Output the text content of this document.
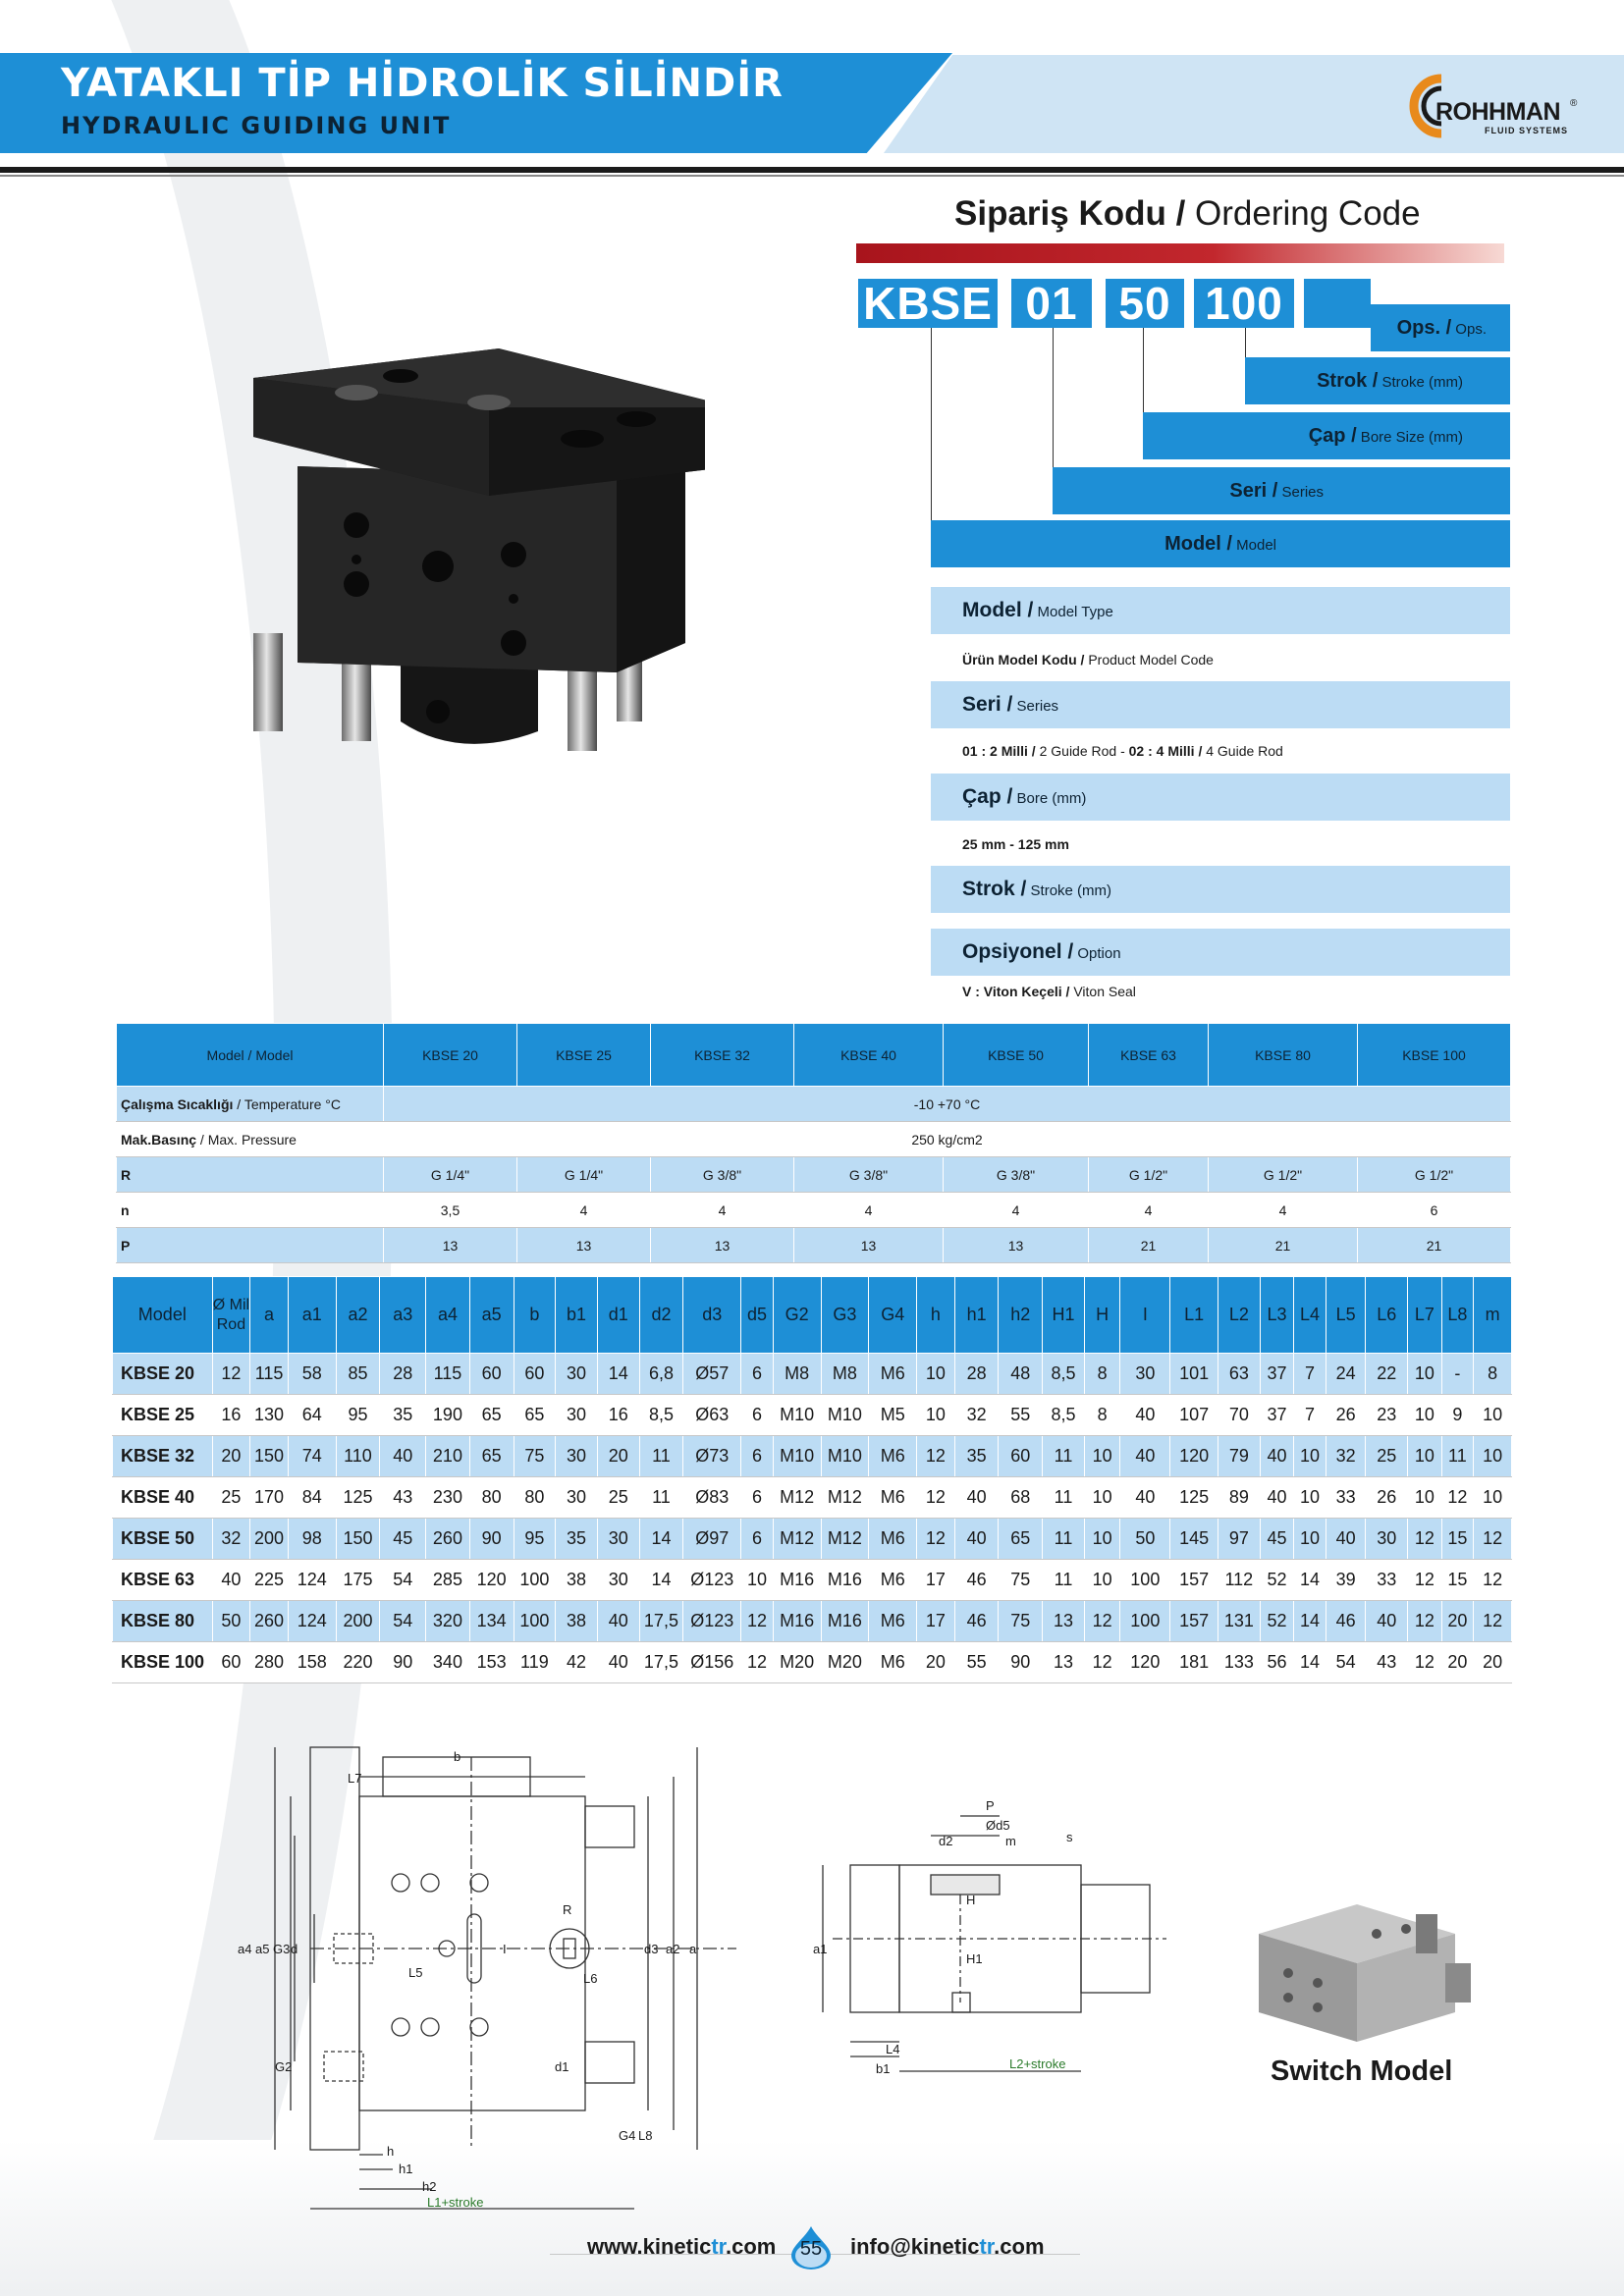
YATAKLI TİP HİDROLİK SİLİNDİR
HYDRAULIC GUIDING UNIT	ROHHMAN ®
FLUID SYSTEMS
Sipariş Kodu / Ordering Code
KBSE 01 50 100	Ops. / Ops.
Strok / Stroke (mm)
Çap / Bore Size (mm)
Seri / Series
Model / Model
Model / Model Type
Ürün Model Kodu / Product Model Code
Seri / Series
01 : 2 Milli / 2 Guide Rod - 02 : 4 Milli / 4 Guide Rod
Çap / Bore (mm)
25 mm - 125 mm
Strok / Stroke (mm)
Opsiyonel / Option
V : Viton Keçeli / Viton Seal
Model / Model	KBSE 20	KBSE 25	KBSE 32	KBSE 40	KBSE 50	KBSE 63	KBSE 80	KBSE 100
Çalışma Sıcaklığı / Temperature °C	-10 +70 °C							
Mak.Basınç / Max. Pressure	250 kg/cm2							
R	G 1/4"	G 1/4"	G 3/8"	G 3/8"	G 3/8"	G 1/2"	G 1/2"	G 1/2"
n	3,5	4	4	4	4	4	4	6
P	13	13	13	13	13	21	21	21
Model	Ø Mil Rod	a	a1	a2	a3	a4	a5	b	b1	d1	d2	d3	d5	G2	G3	G4	h	h1	h2	H1	H	I	L1	L2	L3	L4	L5	L6	L7	L8	m
KBSE 20	12	115	58	85	28	115	60	60	30	14	6,8	Ø57	6	M8	M8	M6	10	28	48	8,5	8	30	101	63	37	7	24	22	10	-	8
KBSE 25	16	130	64	95	35	190	65	65	30	16	8,5	Ø63	6	M10	M10	M5	10	32	55	8,5	8	40	107	70	37	7	26	23	10	9	10
KBSE 32	20	150	74	110	40	210	65	75	30	20	11	Ø73	6	M10	M10	M6	12	35	60	11	10	40	120	79	40	10	32	25	10	11	10
KBSE 40	25	170	84	125	43	230	80	80	30	25	11	Ø83	6	M12	M12	M6	12	40	68	11	10	40	125	89	40	10	33	26	10	12	10
KBSE 50	32	200	98	150	45	260	90	95	35	30	14	Ø97	6	M12	M12	M6	12	40	65	11	10	50	145	97	45	10	40	30	12	15	12
KBSE 63	40	225	124	175	54	285	120	100	38	30	14	Ø123	10	M16	M16	M6	17	46	75	11	10	100	157	112	52	14	39	33	12	15	12
KBSE 80	50	260	124	200	54	320	134	100	38	40	17,5	Ø123	12	M16	M16	M6	17	46	75	13	12	100	157	131	52	14	46	40	12	20	12
KBSE 100	60	280	158	220	90	340	153	119	42	40	17,5	Ø156	12	M20	M20	M6	20	55	90	13	12	120	181	133	56	14	54	43	12	20	20
b
L7
R
L5	L6
I
a4 a5 G3 d
G2	d1
d3 a2 a
G4 L8
h
h1
h2
L1+stroke
P
Ød5
m	s
d2
H
H1
a1
L4
b1	L2+stroke	Switch Model
www.kinetictr.com	55	info@kinetictr.com
